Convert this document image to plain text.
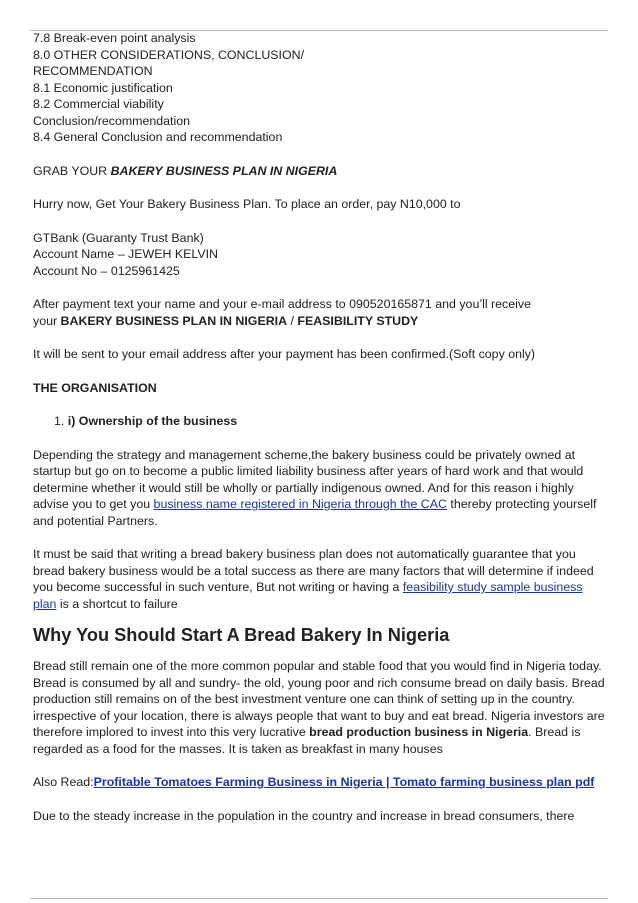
7.8 Break-even point analysis

8.0 OTHER CONSIDERATIONS, CONCLUSION/

RECOMMENDATION

8.1 Economic justification

8.2 Commercial viability

Conclusion/recommendation

8.4 General Conclusion and recommendation

GRAB YOUR BAKERY BUSINESS PLAN IN NIGERIA

Hurry now, Get Your Bakery Business Plan. To place an order, pay N10,000 to

GTBank (Guaranty Trust Bank)

Account Name – JEWEH KELVIN

Account No – 0125961425

After payment text your name and your e-mail address to 090520165871 and you’ll receive

your BAKERY BUSINESS PLAN IN NIGERIA / FEASIBILITY STUDY

It will be sent to your email address after your payment has been confirmed.(Soft copy only)

THE ORGANISATION

1. i) Ownership of the business

Depending the strategy and management scheme,the bakery business could be privately owned at startup but go on to become a public limited liability business after years of hard work and that would determine whether it would still be wholly or partially indigenous owned. And for this reason i highly advise you to get you business name registered in Nigeria through the CAC thereby protecting yourself and potential Partners.

It must be said that writing a bread bakery business plan does not automatically guarantee that you bread bakery business would be a total success as there are many factors that will determine if indeed you become successful in such venture, But not writing or having a feasibility study sample business plan is a shortcut to failure

Why You Should Start A Bread Bakery In Nigeria

Bread still remain one of the more common popular and stable food that you would find in Nigeria today. Bread is consumed by all and sundry- the old, young poor and rich consume bread on daily basis. Bread production still remains on of the best investment venture one can think of setting up in the country. irrespective of your location, there is always people that want to buy and eat bread. Nigeria investors are therefore implored to invest into this very lucrative bread production business in Nigeria. Bread is regarded as a food for the masses. It is taken as breakfast in many houses

Also Read:Profitable Tomatoes Farming Business in Nigeria | Tomato farming business plan pdf

Due to the steady increase in the population in the country and increase in bread consumers, there
